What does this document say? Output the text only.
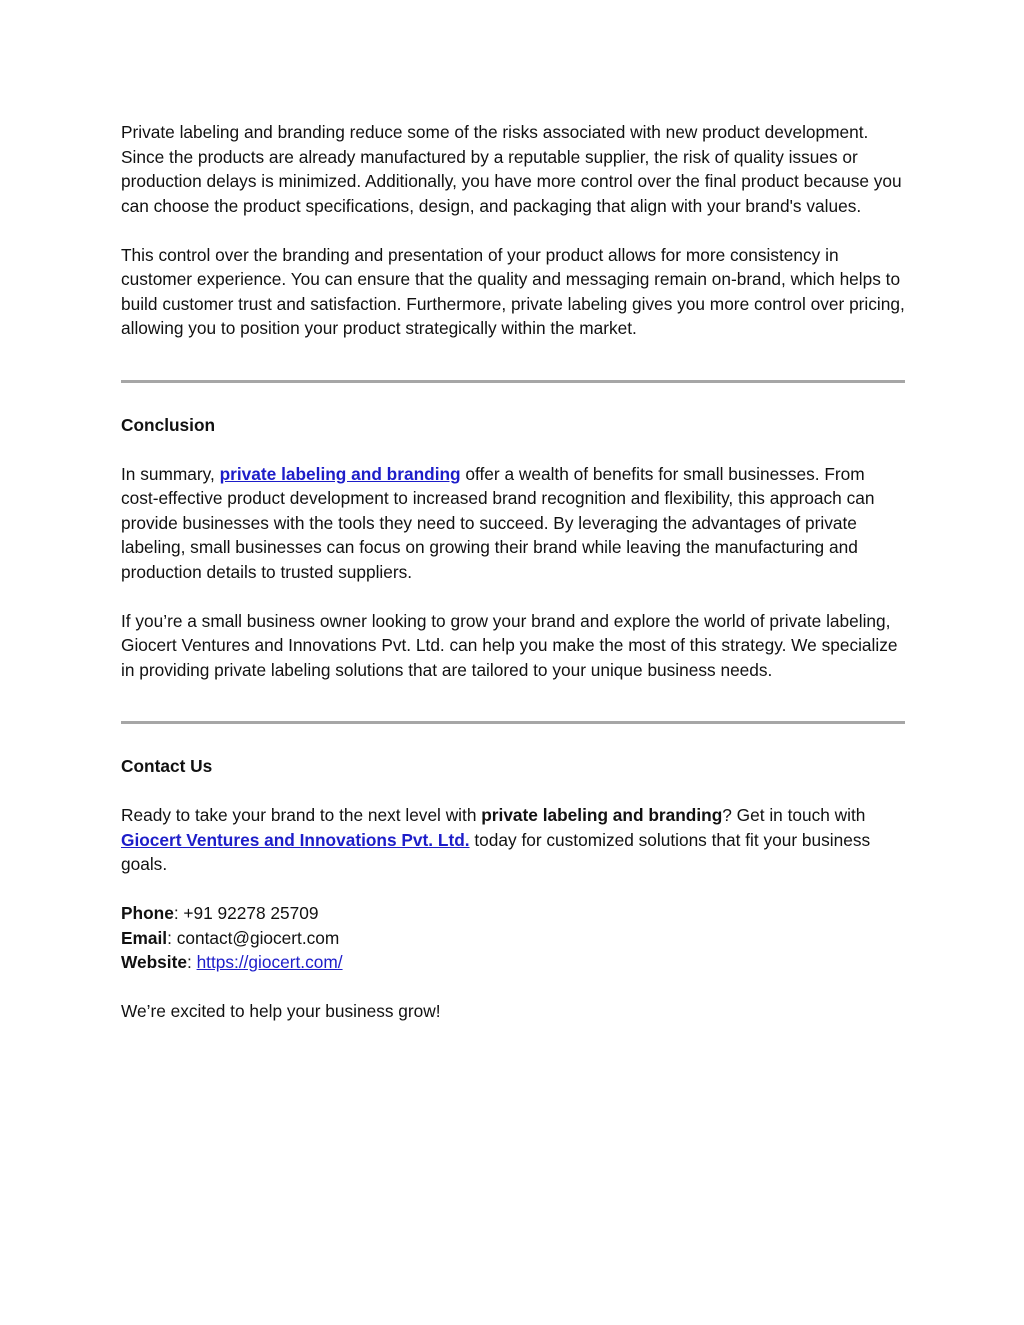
Private labeling and branding reduce some of the risks associated with new product development. Since the products are already manufactured by a reputable supplier, the risk of quality issues or production delays is minimized. Additionally, you have more control over the final product because you can choose the product specifications, design, and packaging that align with your brand's values.

This control over the branding and presentation of your product allows for more consistency in customer experience. You can ensure that the quality and messaging remain on-brand, which helps to build customer trust and satisfaction. Furthermore, private labeling gives you more control over pricing, allowing you to position your product strategically within the market.

Conclusion

In summary, private labeling and branding offer a wealth of benefits for small businesses. From cost-effective product development to increased brand recognition and flexibility, this approach can provide businesses with the tools they need to succeed. By leveraging the advantages of private labeling, small businesses can focus on growing their brand while leaving the manufacturing and production details to trusted suppliers.

If you’re a small business owner looking to grow your brand and explore the world of private labeling, Giocert Ventures and Innovations Pvt. Ltd. can help you make the most of this strategy. We specialize in providing private labeling solutions that are tailored to your unique business needs.

Contact Us

Ready to take your brand to the next level with private labeling and branding? Get in touch with Giocert Ventures and Innovations Pvt. Ltd. today for customized solutions that fit your business goals.

Phone: +91 92278 25709

Email: contact@giocert.com

Website: https://giocert.com/

We’re excited to help your business grow!
